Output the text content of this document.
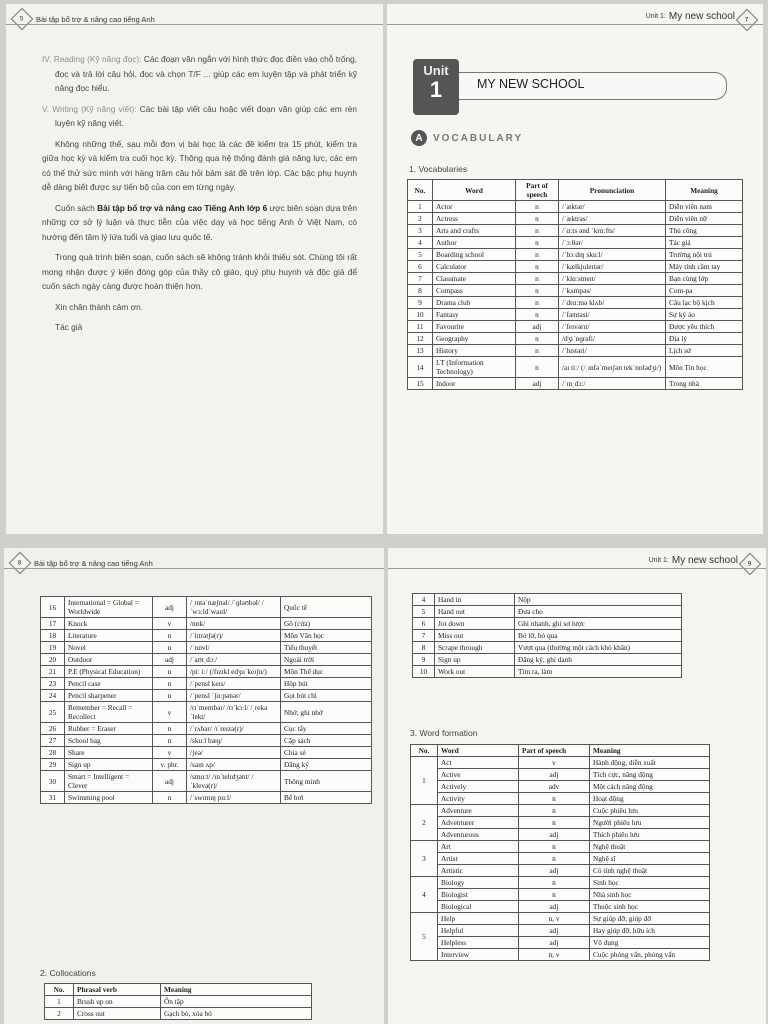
5 Bài tập bổ trợ & nâng cao tiếng Anh

IV. Reading (Kỹ năng đọc): Các đoạn văn ngắn với hình thức đọc điền vào chỗ trống, đọc và trả lời câu hỏi, đọc và chọn T/F ... giúp các em luyện tập và phát triển kỹ năng đọc hiểu.

V. Writing (Kỹ năng viết): Các bài tập viết câu hoặc viết đoạn văn giúp các em rèn luyện kỹ năng viết.

Không những thế, sau mỗi đơn vị bài học là các đề kiểm tra 15 phút, kiểm tra giữa học kỳ và kiểm tra cuối học kỳ. Thông qua hệ thống đánh giá năng lực, các em có thể thử sức mình với hàng trăm câu hỏi bám sát đề trên lớp. Các bậc phụ huynh dễ dàng biết được sự tiến bộ của con em từng ngày.

Cuốn sách Bài tập bổ trợ và nâng cao Tiếng Anh lớp 6 ược biên soạn dựa trên những cơ sở lý luận và thực tiễn của việc dạy và học tiếng Anh ở Việt Nam, có hướng đến tâm lý lứa tuổi và giao lưu quốc tế.

Trong quá trình biên soạn, cuốn sách sẽ không tránh khỏi thiếu sót. Chúng tôi rất mong nhận được ý kiến đóng góp của thầy cô giáo, quý phụ huynh và độc giả để cuốn sách ngày càng được hoàn thiện hơn.

Xin chân thành cảm ơn.

Tác giả

Unit 1: My new school 7
Unit
1	MY NEW SCHOOL
A	VOCABULARY
1. Vocabularies
No.	Word	Part of speech	Pronunciation	Meaning
1	Actor	n	/ˈæktər/	Diễn viên nam
2	Actress	n	/ˈæktrəs/	Diễn viên nữ
3	Arts and crafts	n	/ˈɑːts ənd ˈkrɑːfts/	Thủ công
4	Author	n	/ˈɔːθər/	Tác giả
5	Boarding school	n	/ˈbɔːdɪŋ skuːl/	Trường nội trú
6	Calculator	n	/ˈkælkjuleɪtər/	Máy tính cầm tay
7	Classmate	n	/ˈklɑːsmeɪt/	Bạn cùng lớp
8	Compass	n	/ˈkʌmpəs/	Com-pa
9	Drama club	n	/ˈdrɑːmə klʌb/	Câu lạc bộ kịch
10	Fantasy	n	/ˈfæntəsi/	Sự kỳ ảo
11	Favourite	adj	/ˈfeɪvərɪt/	Được yêu thích
12	Geography	n	/dʒiˈɒɡrəfi/	Địa lý
13	History	n	/ˈhɪstəri/	Lịch sử
14	I.T (Information Technology)	n	/aɪ tiː/ (/ˌɪnfəˈmeɪʃən tekˈnɒlədʒi/)	Môn Tin học
15	Indoor	adj	/ˈɪnˌdɔː/	Trong nhà
8 Bài tập bổ trợ & nâng cao tiếng Anh
16	International = Global = Worldwide	adj	/ˌɪntəˈnæʃnəl/ /ˈɡləʊbəl/ /ˈwɜːldˈwaɪd/	Quốc tế
17	Knock	v	/nɒk/	Gõ (cửa)
18	Literature	n	/ˈlɪtrətʃə(r)/	Môn Văn học
19	Novel	n	/ˈnɒvl/	Tiểu thuyết
20	Outdoor	adj	/ˈaʊtˌdɔː/	Ngoài trời
21	P.E (Physical Education)	n	/piː iː/ (/fɪzɪkl edʒuˈkeɪʃn/)	Môn Thể dục
23	Pencil case	n	/ˈpensl keɪs/	Hộp bút
24	Pencil sharpener	n	/ˈpensl ˈʃɑːpənər/	Gọt bút chì
25	Remember = Recall = Recollect	v	/rɪˈmembər/ /rɪˈkɔːl/ /ˌrekəˈlekt/	Nhớ, ghi nhớ
26	Rubber = Eraser	n	/ˈrʌbər/ /ɪˈreɪzə(r)/	Cục tẩy
27	School bag	n	/skuːl bæɡ/	Cặp sách
28	Share	v	/ʃeə/	Chia sẻ
29	Sign up	v. phr.	/saɪn ʌp/	Đăng ký
30	Smart = Intelligent = Clever	adj	/smɑːt/ /ɪnˈtelɪdʒənt/ /ˈklevə(r)/	Thông minh
31	Swimming pool	n	/ˈswɪmɪŋ puːl/	Bể bơi
2. Collocations
No.	Phrasal verb	Meaning
1	Brush up on	Ôn tập
2	Cross out	Gạch bỏ, xóa bỏ
Unit 1: My new school 9
4	Hand in	Nộp
5	Hand out	Đưa cho
6	Jot down	Ghi nhanh, ghi sơ lược
7	Miss out	Bỏ lỡ, bỏ qua
8	Scrape through	Vượt qua (thường một cách khó khăn)
9	Sign up	Đăng ký, ghi danh
10	Work out	Tìm ra, làm
3. Word formation
No.	Word	Part of speech	Meaning
1	Act	v	Hành động, diễn xuất
	Active	adj	Tích cực, năng động
	Actively	adv	Một cách năng động
	Activity	n	Hoạt động
2	Adventure	n	Cuộc phiêu lưu
	Adventurer	n	Người phiêu lưu
	Adventurous	adj	Thích phiêu lưu
3	Art	n	Nghệ thuật
	Artist	n	Nghệ sĩ
	Artistic	adj	Có tính nghệ thuật
4	Biology	n	Sinh học
	Biologist	n	Nhà sinh học
	Biological	adj	Thuộc sinh học
5	Help	n, v	Sự giúp đỡ, giúp đỡ
	Helpful	adj	Hay giúp đỡ, hữu ích
	Helpless	adj	Vô dụng
	Interview	n, v	Cuộc phỏng vấn, phỏng vấn
